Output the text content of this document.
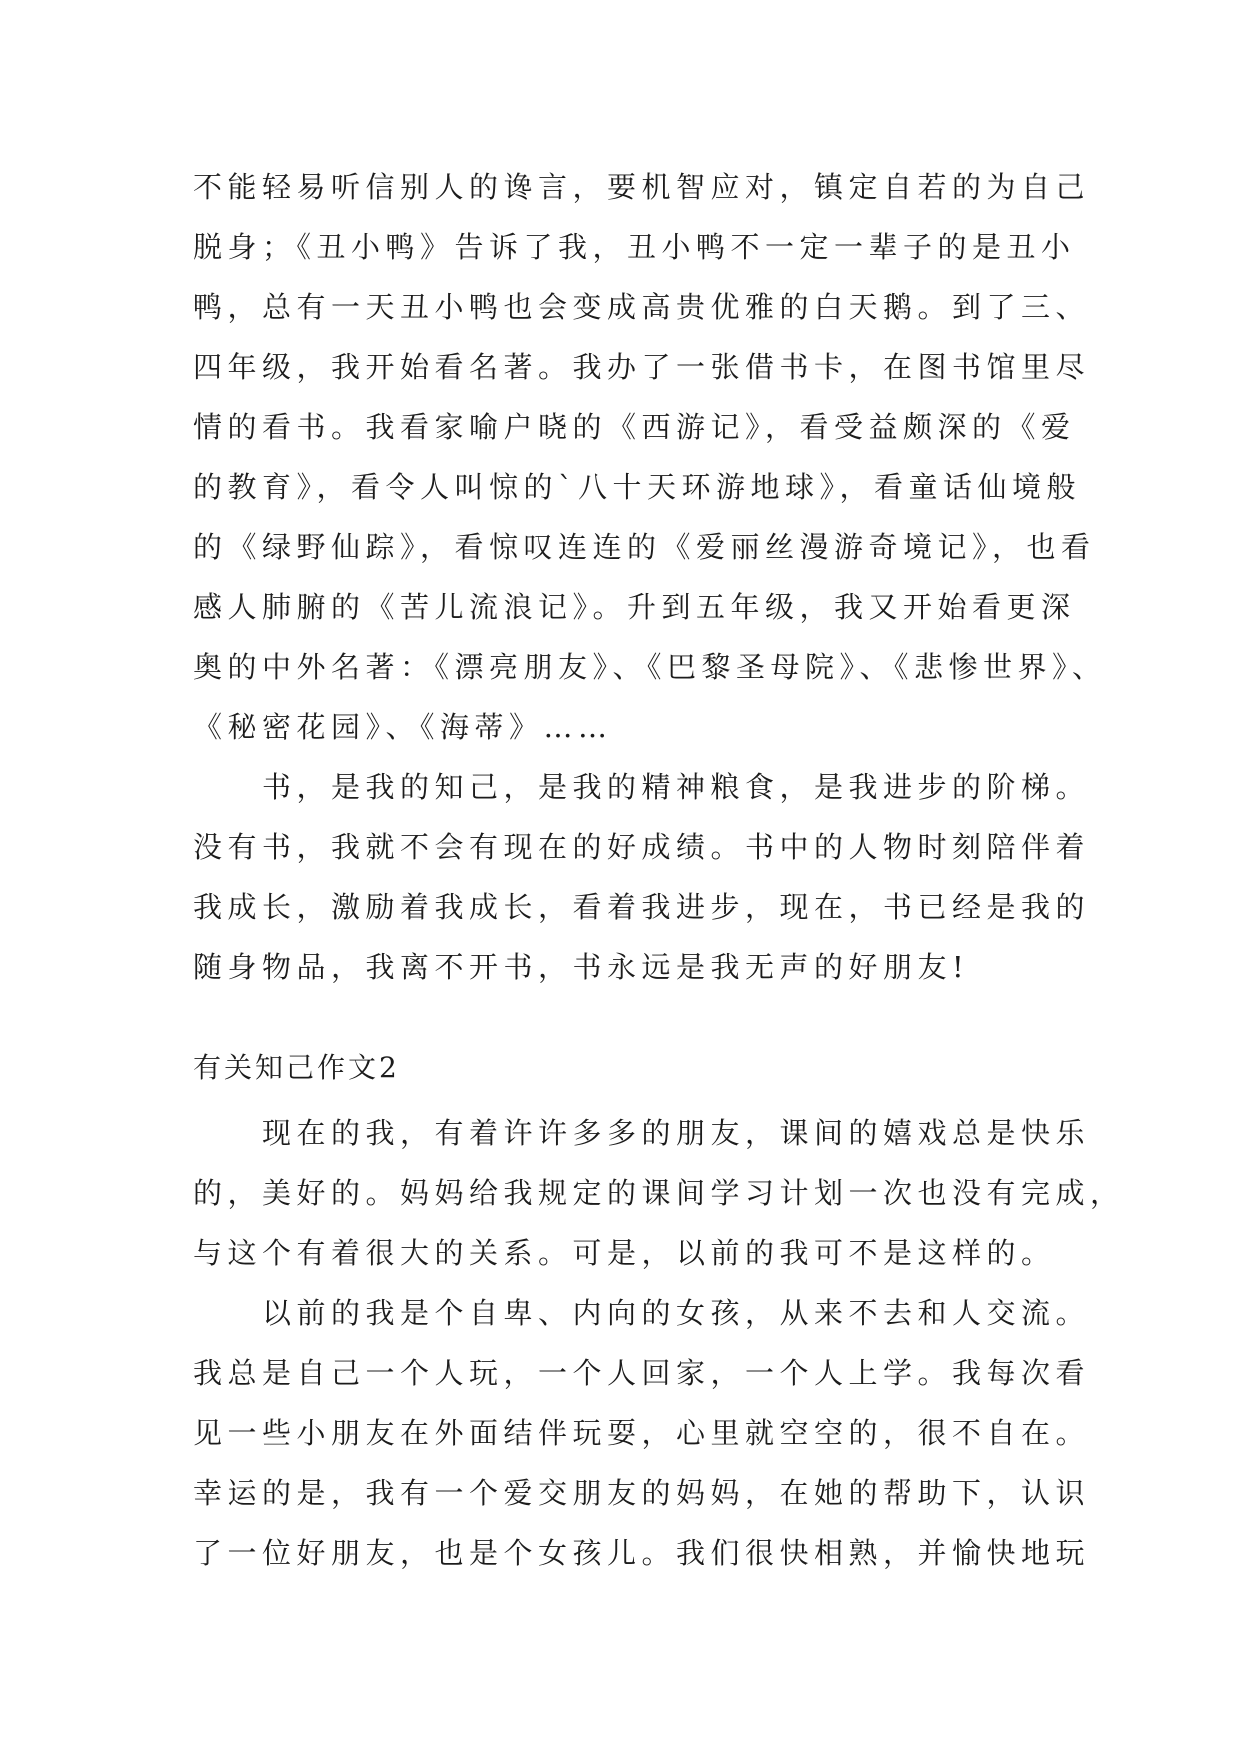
不能轻易听信别人的谗言，要机智应对，镇定自若的为自己
脱身；《丑小鸭》告诉了我，丑小鸭不一定一辈子的是丑小
鸭，总有一天丑小鸭也会变成高贵优雅的白天鹅。到了三、
四年级，我开始看名著。我办了一张借书卡，在图书馆里尽
情的看书。我看家喻户晓的《西游记》，看受益颇深的《爱
的教育》，看令人叫惊的`八十天环游地球》，看童话仙境般
的《绿野仙踪》，看惊叹连连的《爱丽丝漫游奇境记》，也看
感人肺腑的《苦儿流浪记》。升到五年级，我又开始看更深
奥的中外名著：《漂亮朋友》、《巴黎圣母院》、《悲惨世界》、
《秘密花园》、《海蒂》……
　　书，是我的知己，是我的精神粮食，是我进步的阶梯。
没有书，我就不会有现在的好成绩。书中的人物时刻陪伴着
我成长，激励着我成长，看着我进步，现在，书已经是我的
随身物品，我离不开书，书永远是我无声的好朋友!
有关知己作文2
　　现在的我，有着许许多多的朋友，课间的嬉戏总是快乐
的，美好的。妈妈给我规定的课间学习计划一次也没有完成，
与这个有着很大的关系。可是，以前的我可不是这样的。
　　以前的我是个自卑、内向的女孩，从来不去和人交流。
我总是自己一个人玩，一个人回家，一个人上学。我每次看
见一些小朋友在外面结伴玩耍，心里就空空的，很不自在。
幸运的是，我有一个爱交朋友的妈妈，在她的帮助下，认识
了一位好朋友，也是个女孩儿。我们很快相熟，并愉快地玩
